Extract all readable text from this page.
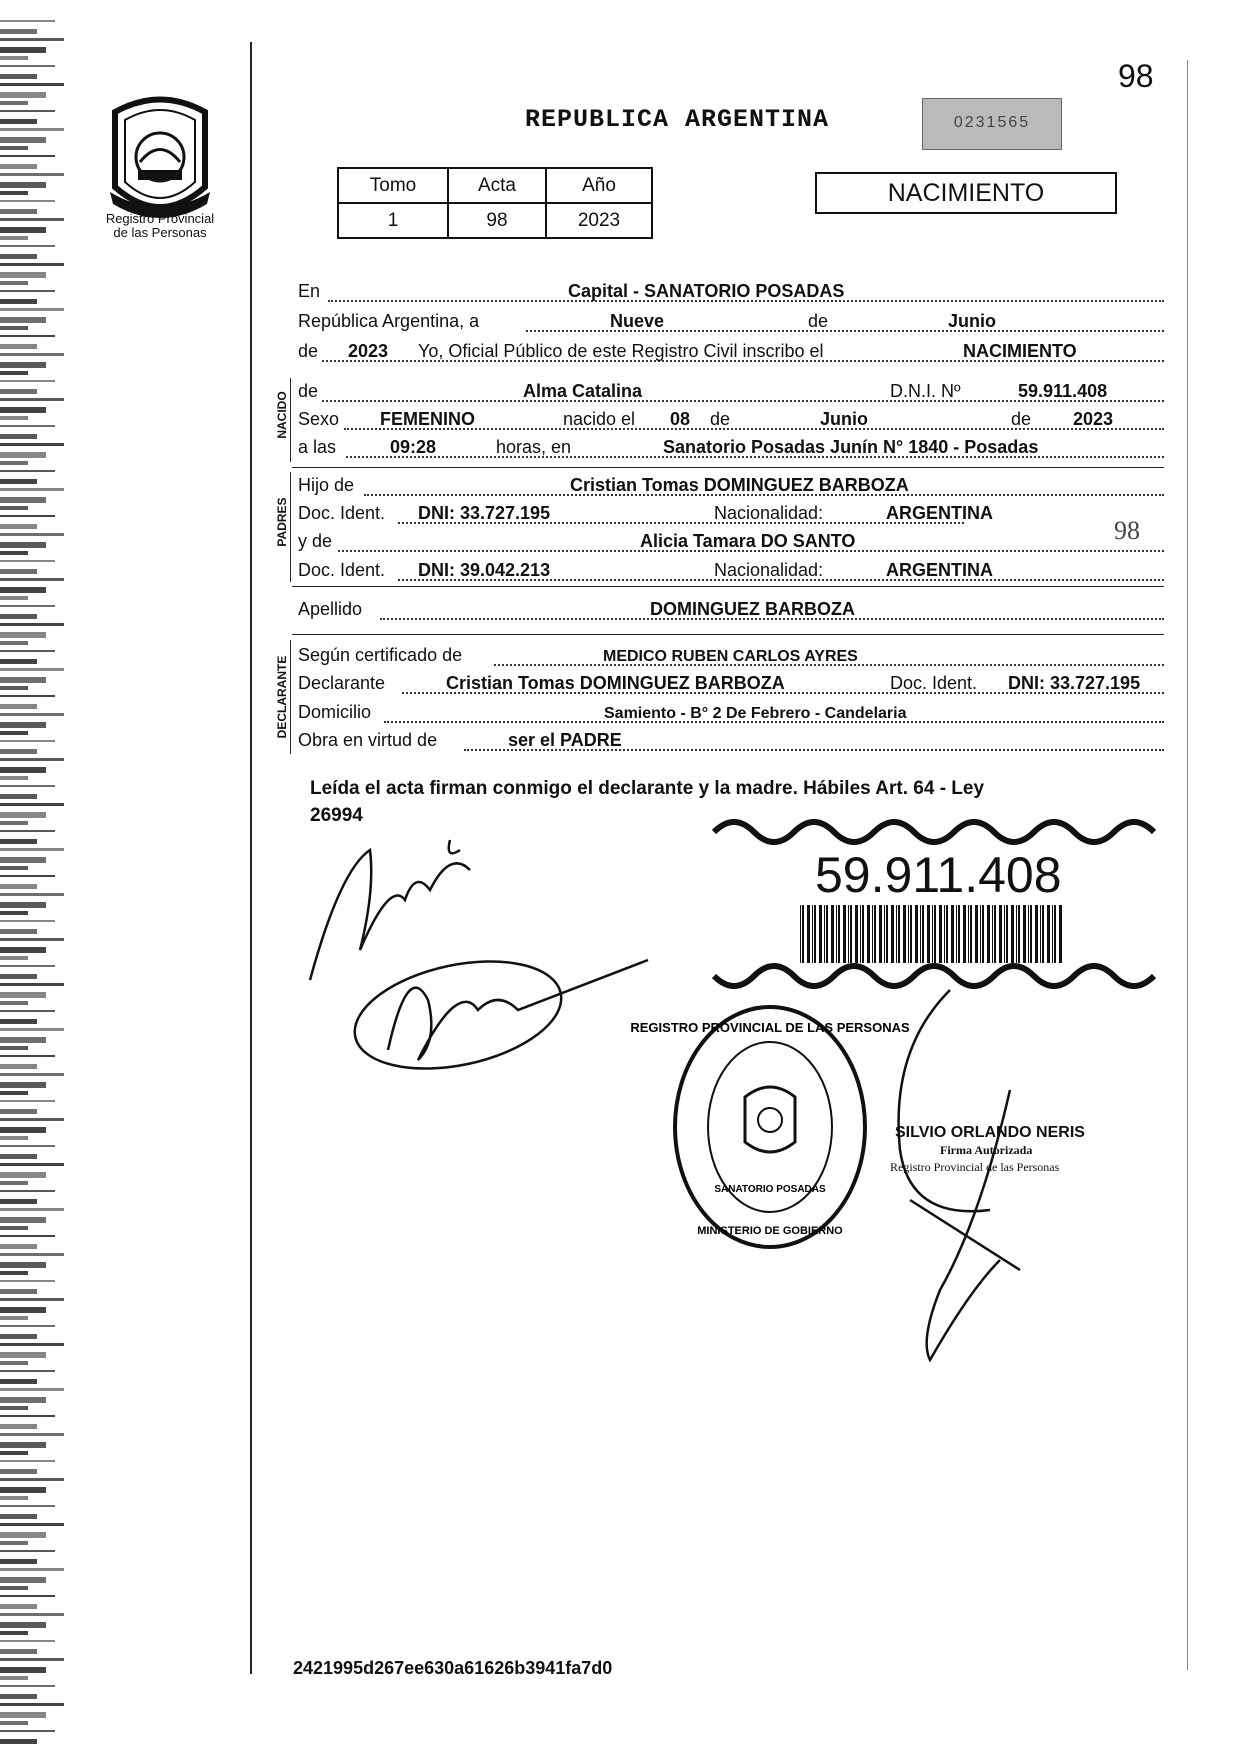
98
Registro Provincial
de las Personas
REPUBLICA ARGENTINA	0231565
Tomo	Acta	Año
1	98	2023
NACIMIENTO
En	Capital - SANATORIO POSADAS
República Argentina, a	Nueve	de	Junio
de 2023 Yo, Oficial Público de este Registro Civil inscribo el	NACIMIENTO
NACIDO
de	Alma Catalina	D.N.I. Nº	59.911.408
Sexo FEMENINO	nacido el 08 de	Junio	de 2023
a las	09:28	horas, en	Sanatorio Posadas Junín N° 1840 - Posadas
PADRES
Hijo de	Cristian Tomas DOMINGUEZ BARBOZA
Doc. Ident. DNI: 33.727.195	Nacionalidad:	ARGENTINA
98
y de	Alicia Tamara DO SANTO
Doc. Ident. DNI: 39.042.213	Nacionalidad:	ARGENTINA
Apellido	DOMINGUEZ BARBOZA
DECLARANTE
Según certificado de	MEDICO RUBEN CARLOS AYRES
Declarante	Cristian Tomas DOMINGUEZ BARBOZA	Doc. Ident. DNI: 33.727.195
Domicilio	Samiento - B° 2 De Febrero - Candelaria
Obra en virtud de	ser el PADRE
Leída el acta firman conmigo el declarante y la madre. Hábiles Art. 64 - Ley
26994
59.911.408
REGISTRO PROVINCIAL DE LAS PERSONAS
SANATORIO POSADAS
MINISTERIO DE GOBIERNO
SILVIO ORLANDO NERIS
Firma Autorizada
Registro Provincial de las Personas
2421995d267ee630a61626b3941fa7d0
